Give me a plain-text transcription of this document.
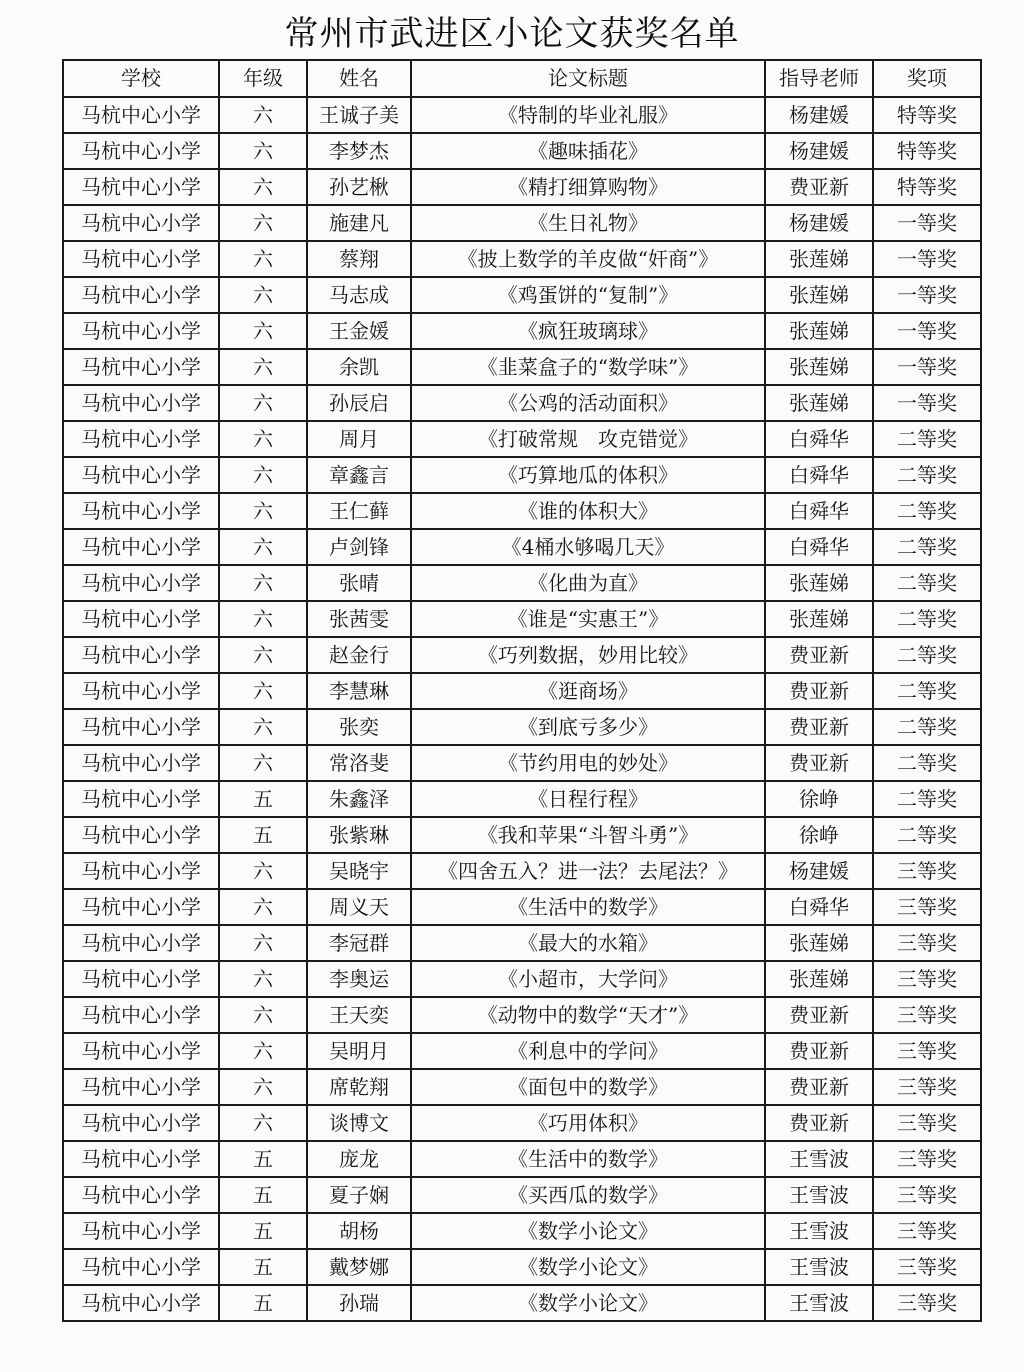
常州市武进区小论文获奖名单
学校	年级	姓名	论文标题	指导老师	奖项
马杭中心小学	六	王诚子美	《特制的毕业礼服》	杨建媛	特等奖
马杭中心小学	六	李梦杰	《趣味插花》	杨建媛	特等奖
马杭中心小学	六	孙艺楸	《精打细算购物》	费亚新	特等奖
马杭中心小学	六	施建凡	《生日礼物》	杨建媛	一等奖
马杭中心小学	六	蔡翔	《披上数学的羊皮做“奸商”》	张莲娣	一等奖
马杭中心小学	六	马志成	《鸡蛋饼的“复制”》	张莲娣	一等奖
马杭中心小学	六	王金媛	《疯狂玻璃球》	张莲娣	一等奖
马杭中心小学	六	余凯	《韭菜盒子的“数学味”》	张莲娣	一等奖
马杭中心小学	六	孙辰启	《公鸡的活动面积》	张莲娣	一等奖
马杭中心小学	六	周月	《打破常规　攻克错觉》	白舜华	二等奖
马杭中心小学	六	章鑫言	《巧算地瓜的体积》	白舜华	二等奖
马杭中心小学	六	王仁藓	《谁的体积大》	白舜华	二等奖
马杭中心小学	六	卢剑锋	《4桶水够喝几天》	白舜华	二等奖
马杭中心小学	六	张晴	《化曲为直》	张莲娣	二等奖
马杭中心小学	六	张茜雯	《谁是“实惠王”》	张莲娣	二等奖
马杭中心小学	六	赵金行	《巧列数据，妙用比较》	费亚新	二等奖
马杭中心小学	六	李慧琳	《逛商场》	费亚新	二等奖
马杭中心小学	六	张奕	《到底亏多少》	费亚新	二等奖
马杭中心小学	六	常洛斐	《节约用电的妙处》	费亚新	二等奖
马杭中心小学	五	朱鑫泽	《日程行程》	徐峥	二等奖
马杭中心小学	五	张紫琳	《我和苹果“斗智斗勇”》	徐峥	二等奖
马杭中心小学	六	吴晓宇	《四舍五入？进一法？去尾法？》	杨建媛	三等奖
马杭中心小学	六	周义天	《生活中的数学》	白舜华	三等奖
马杭中心小学	六	李冠群	《最大的水箱》	张莲娣	三等奖
马杭中心小学	六	李奥运	《小超市，大学问》	张莲娣	三等奖
马杭中心小学	六	王天奕	《动物中的数学“天才”》	费亚新	三等奖
马杭中心小学	六	吴明月	《利息中的学问》	费亚新	三等奖
马杭中心小学	六	席乾翔	《面包中的数学》	费亚新	三等奖
马杭中心小学	六	谈博文	《巧用体积》	费亚新	三等奖
马杭中心小学	五	庞龙	《生活中的数学》	王雪波	三等奖
马杭中心小学	五	夏子娴	《买西瓜的数学》	王雪波	三等奖
马杭中心小学	五	胡杨	《数学小论文》	王雪波	三等奖
马杭中心小学	五	戴梦娜	《数学小论文》	王雪波	三等奖
马杭中心小学	五	孙瑞	《数学小论文》	王雪波	三等奖
